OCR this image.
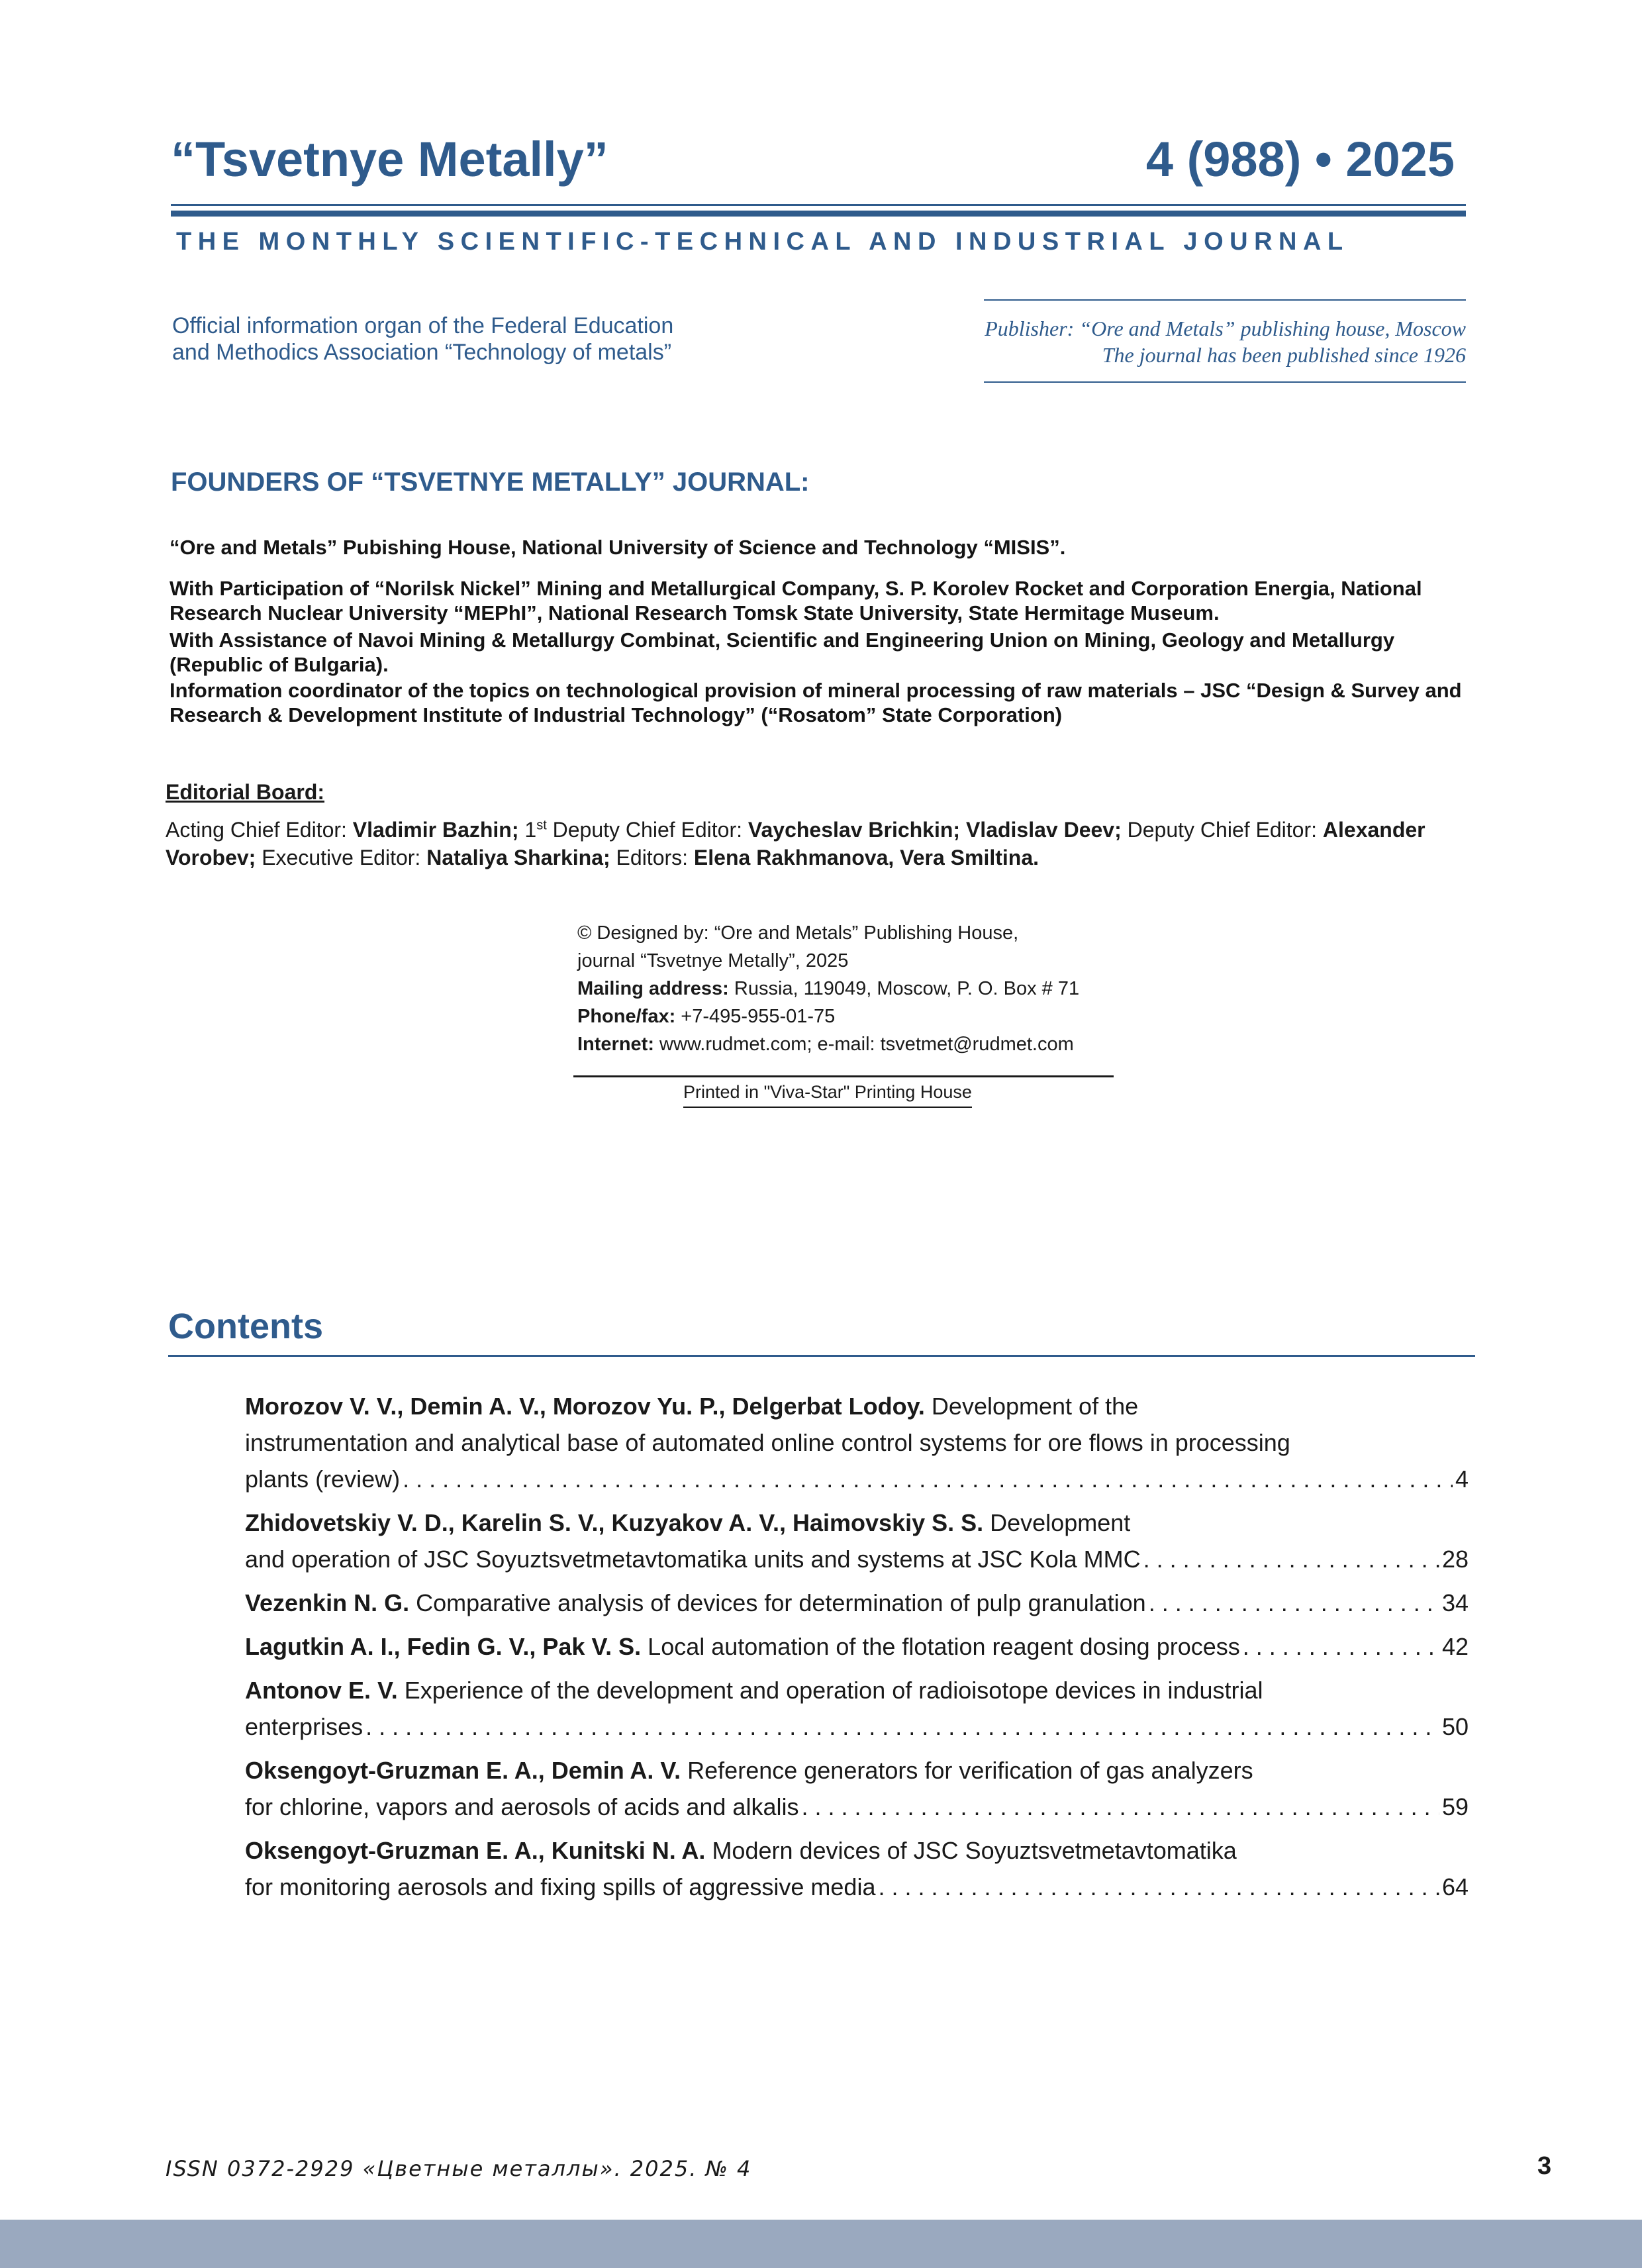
“Tsvetnye Metally”	4 (988) • 2025
THE MONTHLY SCIENTIFIC-TECHNICAL AND INDUSTRIAL JOURNAL
Official information organ of the Federal Education
and Methodics Association “Technology of metals”
Publisher: “Ore and Metals” publishing house, Moscow
The journal has been published since 1926
FOUNDERS OF “TSVETNYE METALLY” JOURNAL:
“Ore and Metals” Pubishing House, National University of Science and Technology “MISIS”.
With Participation of “Norilsk Nickel” Mining and Metallurgical Company, S. P. Korolev Rocket and Corporation Energia, National Research Nuclear University “MEPhI”, National Research Tomsk State University, State Hermitage Museum.
With Assistance of Navoi Mining & Metallurgy Combinat, Scientific and Engineering Union on Mining, Geology and Metallurgy (Republic of Bulgaria).
Information coordinator of the topics on technological provision of mineral processing of raw materials – JSC “Design & Survey and Research & Development Institute of Industrial Technology” (“Rosatom” State Corporation)
Editorial Board:
Acting Chief Editor: Vladimir Bazhin; 1st Deputy Chief Editor: Vaycheslav Brichkin; Vladislav Deev; Deputy Chief Editor: Alexander Vorobev; Executive Editor: Nataliya Sharkina; Editors: Elena Rakhmanova, Vera Smiltina.
© Designed by: “Ore and Metals” Publishing House,
journal “Tsvetnye Metally”, 2025
Mailing address: Russia, 119049, Moscow, P. O. Box # 71
Phone/fax: +7-495-955-01-75
Internet: www.rudmet.com; e-mail: tsvetmet@rudmet.com
Printed in "Viva-Star" Printing House
Contents
Morozov V. V., Demin A. V., Morozov Yu. P., Delgerbat Lodoy. Development of the
instrumentation and analytical base of automated online control systems for ore flows in processing
plants (review) . . .	4
Zhidovetskiy V. D., Karelin S. V., Kuzyakov A. V., Haimovskiy S. S. Development
and operation of JSC Soyuztsvetmetavtomatika units and systems at JSC Kola MMC . . .	28
Vezenkin N. G. Comparative analysis of devices for determination of pulp granulation . . .	34
Lagutkin A. I., Fedin G. V., Pak V. S. Local automation of the flotation reagent dosing process . . .	42
Antonov E. V. Experience of the development and operation of radioisotope devices in industrial
enterprises . . .	50
Oksengoyt-Gruzman E. A., Demin A. V. Reference generators for verification of gas analyzers
for chlorine, vapors and aerosols of acids and alkalis . . .	59
Oksengoyt-Gruzman E. A., Kunitski N. A. Modern devices of JSC Soyuztsvetmetavtomatika
for monitoring aerosols and fixing spills of aggressive media . . .	64
ISSN 0372-2929 «Цветные металлы». 2025. № 4	3
